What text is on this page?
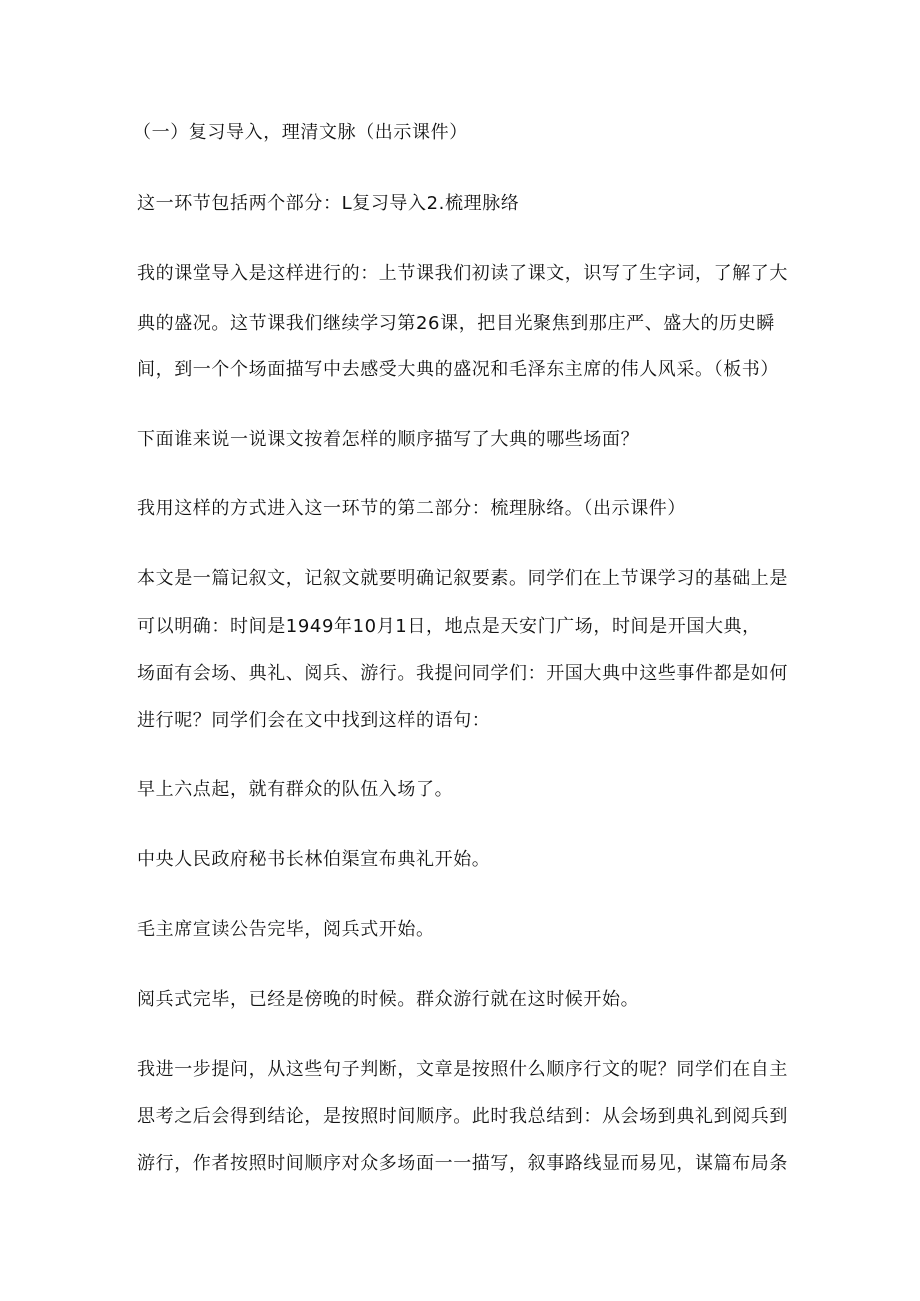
（一）复习导入，理清文脉（出示课件）
这一环节包括两个部分：L复习导入2.梳理脉络
我的课堂导入是这样进行的：上节课我们初读了课文，识写了生字词，了解了大
典的盛况。这节课我们继续学习第26课，把目光聚焦到那庄严、盛大的历史瞬
间，到一个个场面描写中去感受大典的盛况和毛泽东主席的伟人风采。（板书）
下面谁来说一说课文按着怎样的顺序描写了大典的哪些场面？
我用这样的方式进入这一环节的第二部分：梳理脉络。（出示课件）
本文是一篇记叙文，记叙文就要明确记叙要素。同学们在上节课学习的基础上是
可以明确：时间是1949年10月1日，地点是天安门广场，时间是开国大典，
场面有会场、典礼、阅兵、游行。我提问同学们：开国大典中这些事件都是如何
进行呢？同学们会在文中找到这样的语句：
早上六点起，就有群众的队伍入场了。
中央人民政府秘书长林伯渠宣布典礼开始。
毛主席宣读公告完毕，阅兵式开始。
阅兵式完毕，已经是傍晚的时候。群众游行就在这时候开始。
我进一步提问，从这些句子判断，文章是按照什么顺序行文的呢？同学们在自主
思考之后会得到结论，是按照时间顺序。此时我总结到：从会场到典礼到阅兵到
游行，作者按照时间顺序对众多场面一一描写，叙事路线显而易见，谋篇布局条
